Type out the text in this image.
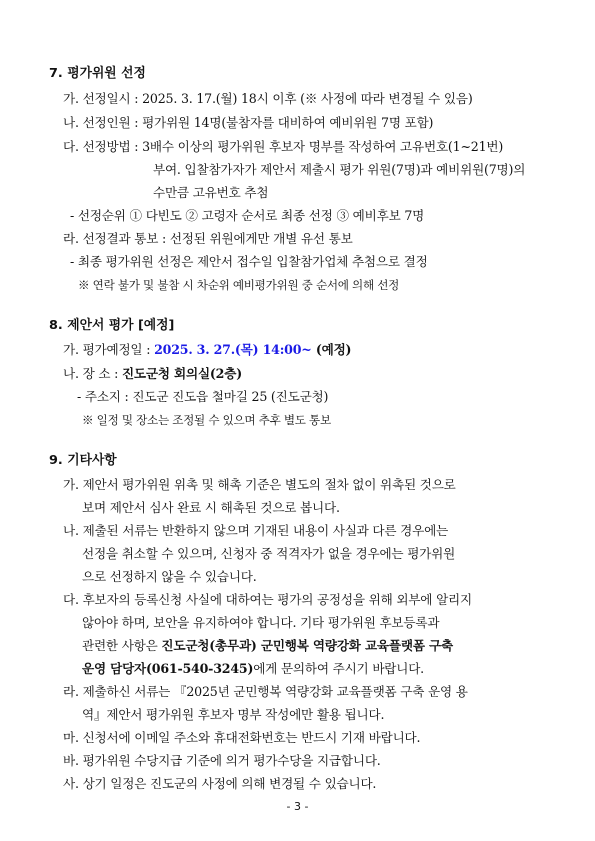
7. 평가위원 선정
가. 선정일시 : 2025. 3. 17.(월) 18시 이후 (※ 사정에 따라 변경될 수 있음)
나. 선정인원 : 평가위원 14명(불참자를 대비하여 예비위원 7명 포함)
다. 선정방법 : 3배수 이상의 평가위원 후보자 명부를 작성하여 고유번호(1~21번)
부여. 입찰참가자가 제안서 제출시 평가 위원(7명)과 예비위원(7명)의
수만큼 고유번호 추첨
- 선정순위 ① 다빈도 ② 고령자 순서로 최종 선정 ③ 예비후보 7명
라. 선정결과 통보 : 선정된 위원에게만 개별 유선 통보
- 최종 평가위원 선정은 제안서 접수일 입찰참가업체 추첨으로 결정
※ 연락 불가 및 불참 시 차순위 예비평가위원 중 순서에 의해 선정
8. 제안서 평가 [예정]
가. 평가예정일 : 2025. 3. 27.(목) 14:00~ (예정)
나. 장 소 : 진도군청 회의실(2층)
- 주소지 : 진도군 진도읍 철마길 25 (진도군청)
※ 일정 및 장소는 조정될 수 있으며 추후 별도 통보
9. 기타사항
가. 제안서 평가위원 위촉 및 해촉 기준은 별도의 절차 없이 위촉된 것으로
보며 제안서 심사 완료 시 해촉된 것으로 봅니다.
나. 제출된 서류는 반환하지 않으며 기재된 내용이 사실과 다른 경우에는
선정을 취소할 수 있으며, 신청자 중 적격자가 없을 경우에는 평가위원
으로 선정하지 않을 수 있습니다.
다. 후보자의 등록신청 사실에 대하여는 평가의 공정성을 위해 외부에 알리지
않아야 하며, 보안을 유지하여야 합니다. 기타 평가위원 후보등록과
관련한 사항은 진도군청(총무과) 군민행복 역량강화 교육플랫폼 구축
운영 담당자(061-540-3245)에게 문의하여 주시기 바랍니다.
라. 제출하신 서류는 『2025년 군민행복 역량강화 교육플랫폼 구축 운영 용
역』제안서 평가위원 후보자 명부 작성에만 활용 됩니다.
마. 신청서에 이메일 주소와 휴대전화번호는 반드시 기재 바랍니다.
바. 평가위원 수당지급 기준에 의거 평가수당을 지급합니다.
사. 상기 일정은 진도군의 사정에 의해 변경될 수 있습니다.
- 3 -
